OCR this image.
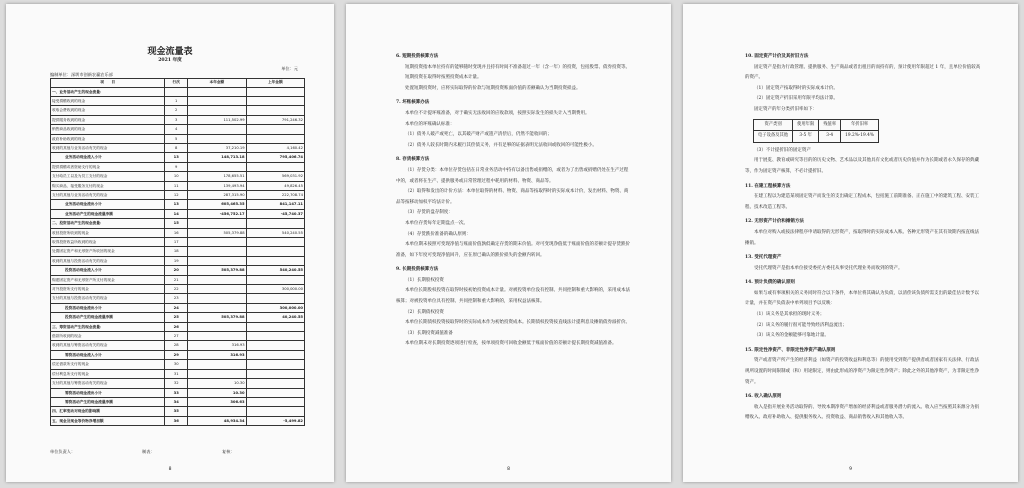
现金流量表
2021 年度
单位：元
编制单位：深圳市创新农赢农乐部
项　　目	行次	本年金额	上年金额
一、业务活动产生的现金流量：			
接受捐赠收到的现金	1		
收取会费收到的现金	2		
提供服务收到的现金	3	111,502.99	791,246.32
销售商品收到的现金	4		
政府补助收到的现金	5		
收到的其他与业务活动有关的现金	8	37,210.19	4,160.42
业务活动现金流入小计	13	148,713.18	795,406.74
提供捐赠或者资助支付的现金	9		
支付给员工以及为员工支付的现金	10	178,655.51	569,031.92
购买商品、接受服务支付的现金	11	139,493.94	49,826.45
支付的其他与业务活动有关的现金	12	287,315.90	222,708.74
业务活动现金流出小计	13	605,465.35	841,147.11
业务活动产生的现金流量净额	14	-456,752.17	-45,740.37
二、投资活动产生的现金流量：	15		
收回投资所收到的现金	16	505,379.88	540,240.55
取得投资收益所收到的现金	17		
处置固定资产和无形资产所收回的现金	18		
收到的其他与投资活动有关的现金	19		
投资活动现金流入小计	20	505,379.88	540,240.55
购建固定资产和无形资产所支付的现金	21		
对外投资所支付的现金	22		300,000.00
支付的其他与投资活动有关的现金	23		
投资活动现金流出小计	24		300,000.00
投资活动产生的现金流量净额	25	505,379.88	40,240.55
三、筹资活动产生的现金流量：	26		
借款所收到的现金	27		
收到的其他与筹资活动有关的现金	28	316.93	
筹资活动现金流入小计	29	316.93	
偿还借款所支付的现金	30		
偿付利息所支付的现金	31		
支付的其他与筹资活动有关的现金	32	10.30	
筹资活动现金流出小计	33	10.30	
筹资活动产生的现金流量净额	34	306.63	
四、汇率变动对现金的影响额	35		
五、现金及现金等价物净增加额	36	48,934.34	-5,499.82
单位负责人：	制表：	复核：
8
6. 短期投资核算方法
短期投资指本单位持有的能够随时变现并且持有时间不准备超过一年（含一年）的投资，包括股票、债券投资等。
短期投资在取得时按照投资成本计量。
处置短期投资时，应将实际取得的价款与短期投资账面价值的差额确认为当期投资损益。
7. 坏账核算办法
本单位不计提坏账准备，对于确实无法收回的应收款项，按照实际发生的损失计入当期费用。
本单位的坏账确认标准：
（1）债务人破产或死亡，以其破产财产或遗产清偿后，仍然不能收回的；
（2）债务人较长时期内未履行其偿债义务，并有足够的证据表明无法收回或收回的可能性极小。
8. 存货核算方法
（1）存货分类：本单位存货包括在日常业务活动中持有以备出售或捐赠的，或者为了出售或捐赠仍处在生产过程中的，或者将在生产、提供服务或日常管理过程中耗用的材料、物资、商品等。
（2）取得和发出的计价方法：本单位取得的材料、物资、商品等按取得时的实际成本计价，发出材料、物资、商品等按移动加权平均法计价。
（3）存货的盘存制度：
本单位存货每年定期盘点一次。
（4）存货跌价准备的确认原则：
本单位期末按照可变现净值与账面价值孰低确定存货的期末价值。对可变现净值低于账面价值的差额计提存货跌价准备，如下年度可变现净值回升，应在原已确认的跌价损失的金额内转回。
9. 长期投资核算方法
（1）长期股权投资
本单位长期股权投资在取得时按初始投资成本计量。对被投资单位没有控制、共同控制和重大影响的，采用成本法核算；对被投资单位具有控制、共同控制和重大影响的，采用权益法核算。
（2）长期债权投资
本单位长期债权投资按取得时的实际成本作为初始投资成本。长期债权投资按直线法计提利息及摊销债券溢折价。
（3）长期投资减值准备
本单位期末对长期投资逐项进行检查，按单项投资可回收金额低于账面价值的差额计提长期投资减值准备。
8
10. 固定资产计价及其折旧方法
固定资产是指为行政管理、提供服务、生产商品或者出租目的而持有的，预计使用年限超过 1 年，且单位价值较高的资产。
（1）固定资产按取得时的实际成本计价。
（2）固定资产折旧采用年限平均法计算。
固定资产的年分类折旧率如下：
资产类别	使用年限	残值率	年折旧率
电子设备及其他	3-5 年	3-4	19.2%-19.4%
（3）不计提折旧的固定资产
用于展览、教育或研究等目的的历史文物、艺术品以及其他具有文化或者历史价值并作为长期或者永久保存的典藏等，作为固定资产核算，不必计提折旧。
11. 在建工程核算方法
在建工程以为建造某项固定资产而发生的支出确定工程成本，包括施工前期准备、正在施工中的建筑工程、安装工程、技术改造工程等。
12. 无形资产计价和摊销方法
本单位对购入或按法律程序申请取得的无形资产，按取得时的实际成本入账。各种无形资产在其有效期内按直线法摊销。
13. 受托代理资产
受托代理资产是指本单位接受委托方委托从事受托代理业务而收到的资产。
14. 预计负债的确认原则
如果与或有事项相关的义务同时符合以下条件，本单位将其确认为负债，以清偿该负债所需支出的最佳估计数予以计量，并在资产负债表中单列项目予以反映：
（1）该义务是其承担的现时义务；
（2）该义务的履行很可能导致经济利益流出；
（3）该义务的金额能够可靠地计量。
15. 限定性净资产、非限定性净资产确认原则
资产或者资产所产生的经济利益（如资产的投资收益和利息等）的使用受到资产提供者或者国家有关法律、行政法规所设置的时间限制或（和）用途限定，则由此形成的净资产为限定性净资产；除此之外的其他净资产，为非限定性净资产。
16. 收入确认原则
收入是指开展业务活动取得的、导致本期净资产增加的经济利益或者服务潜力的流入。收入应当按照其来源分为捐赠收入、政府补助收入、提供服务收入、投资收益、商品销售收入和其他收入等。
9
